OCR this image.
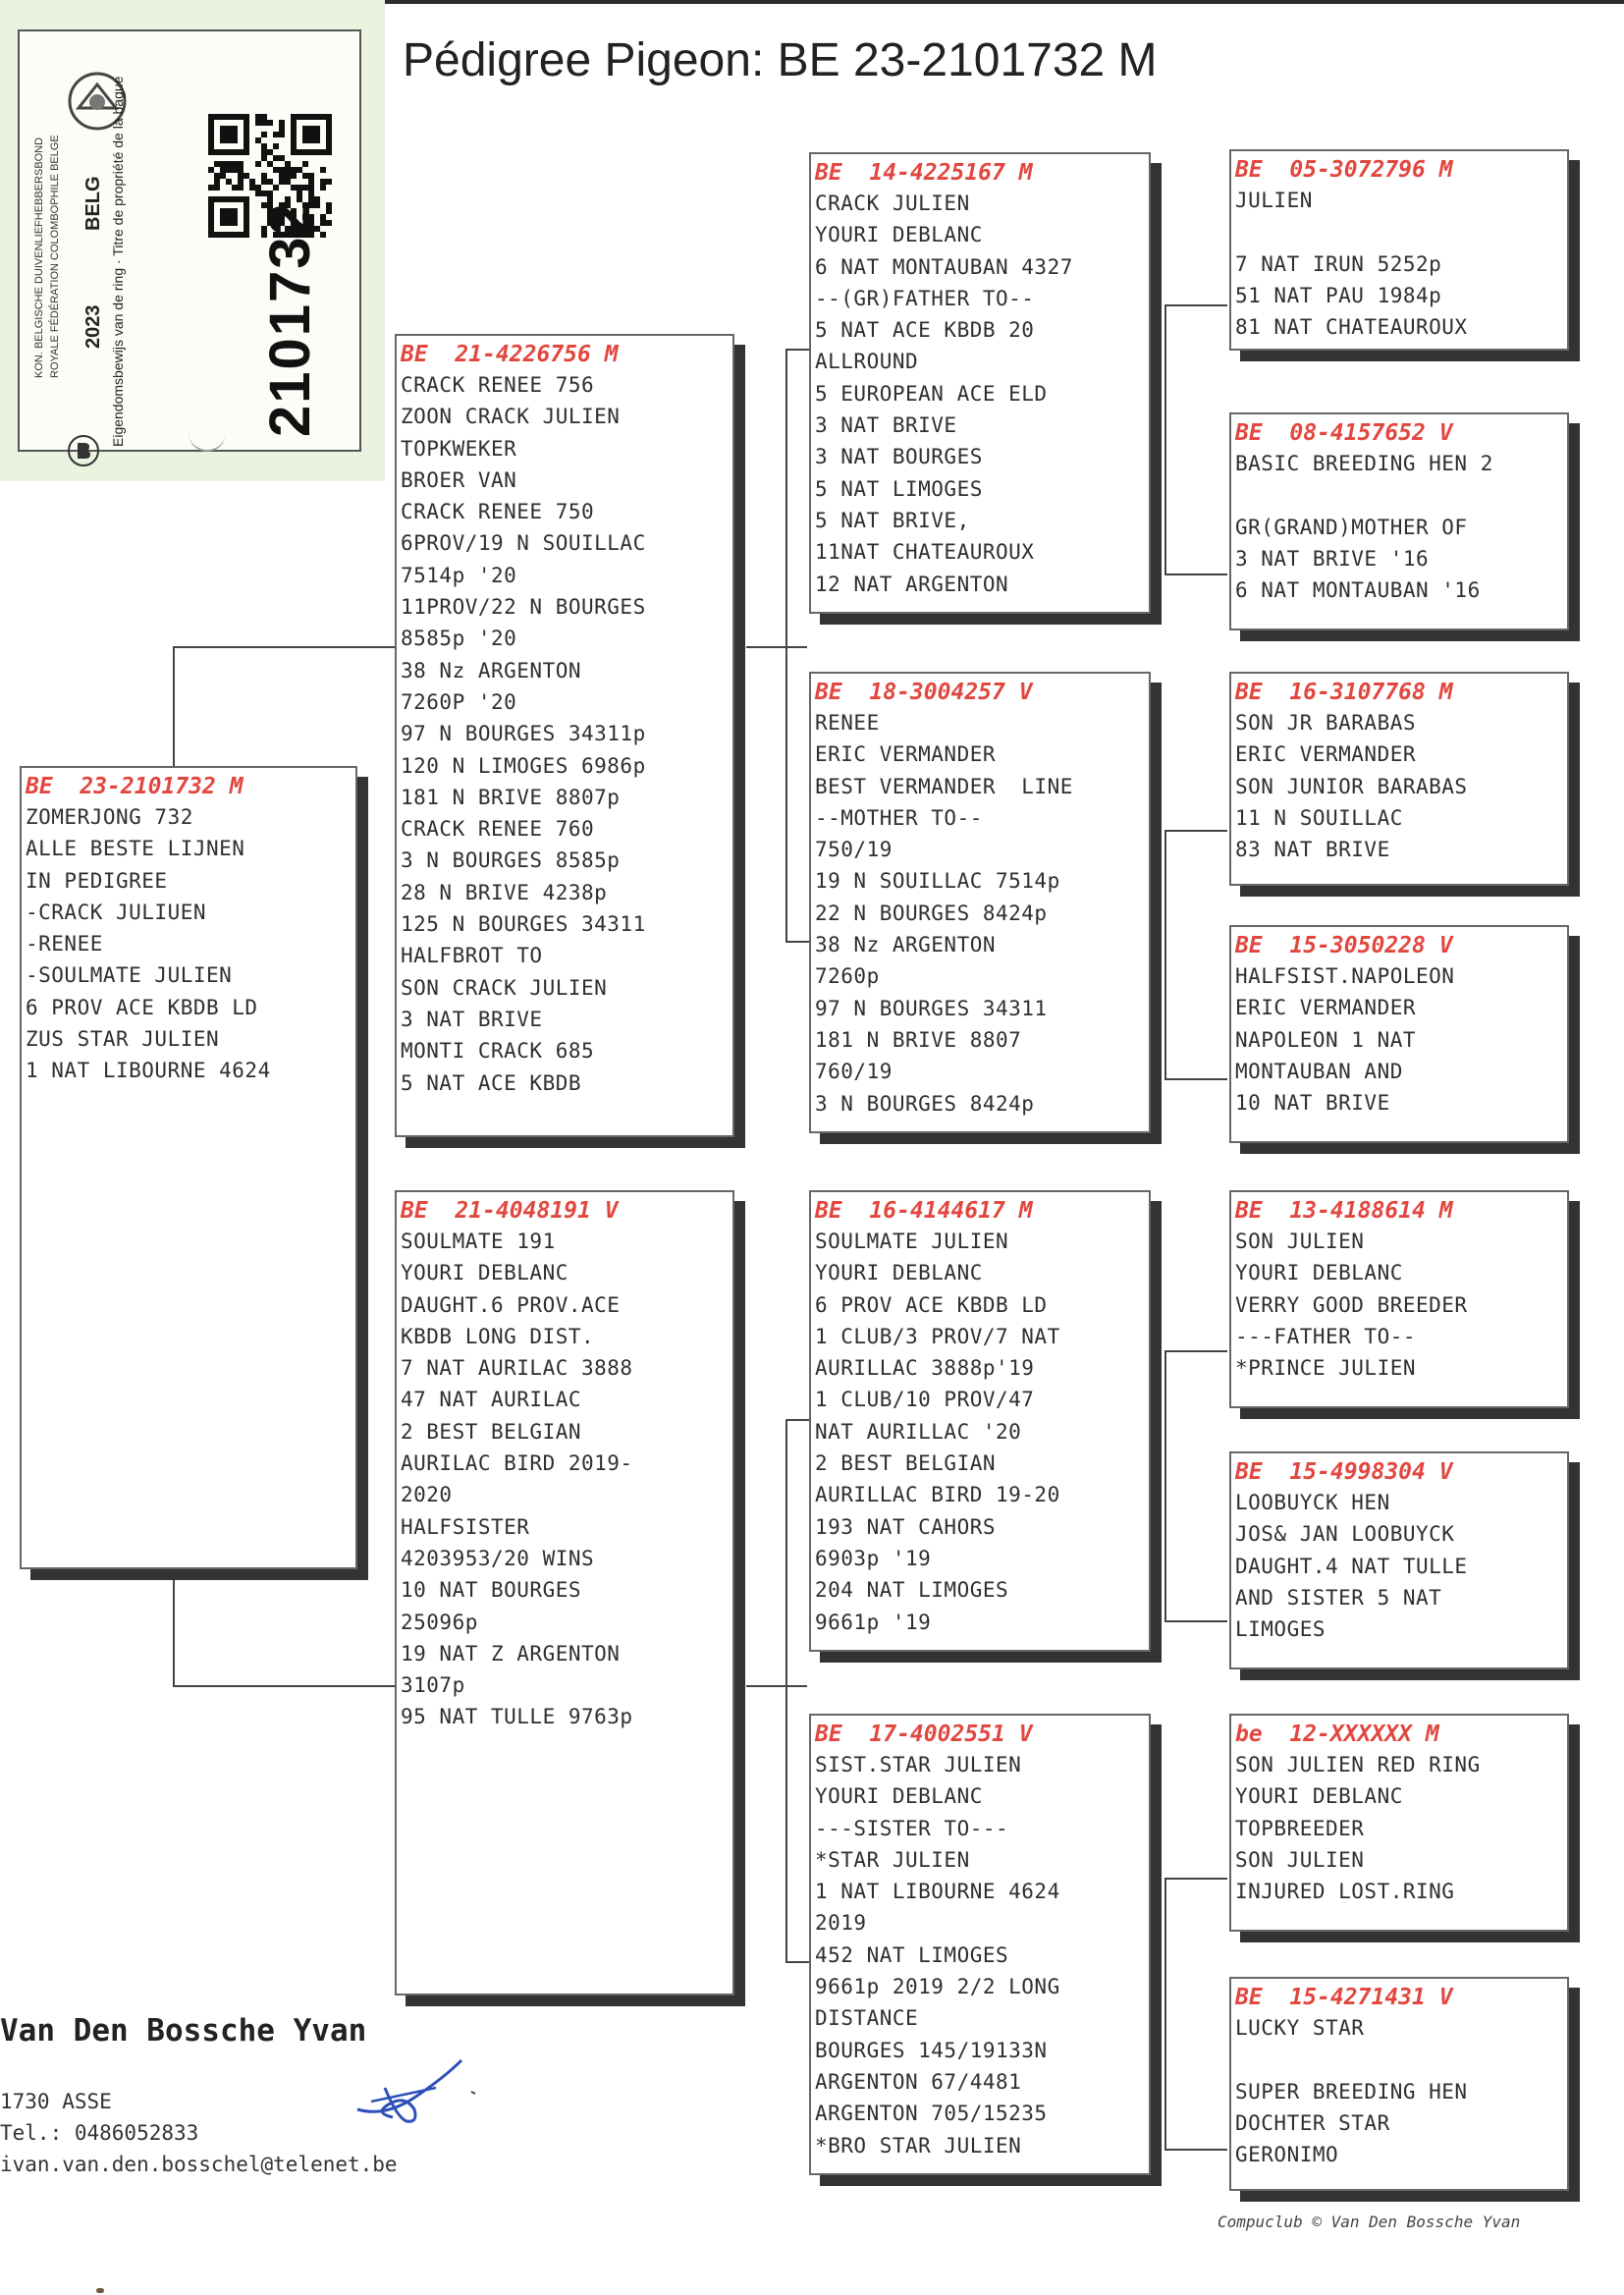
2101732
BELG
2023
KON. BELGISCHE DUIVENLIEFHEBBERSBOND ROYALE FÉDÉRATION COLOMBOPHILE BELGE	Eigendomsbewijs van de ring · Titre de propriété de la bague
Pédigree Pigeon: BE 23-2101732 M
BE  23-2101732 M
ZOMERJONG 732
ALLE BESTE LIJNEN
IN PEDIGREE
-CRACK JULIUEN
-RENEE
-SOULMATE JULIEN
6 PROV ACE KBDB LD
ZUS STAR JULIEN
1 NAT LIBOURNE 4624
BE  21-4226756 M
CRACK RENEE 756
ZOON CRACK JULIEN
TOPKWEKER
BROER VAN
CRACK RENEE 750
6PROV/19 N SOUILLAC
7514p '20
11PROV/22 N BOURGES
8585p '20
38 Nz ARGENTON
7260P '20
97 N BOURGES 34311p
120 N LIMOGES 6986p
181 N BRIVE 8807p
CRACK RENEE 760
3 N BOURGES 8585p
28 N BRIVE 4238p
125 N BOURGES 34311
HALFBROT TO
SON CRACK JULIEN
3 NAT BRIVE
MONTI CRACK 685
5 NAT ACE KBDB
BE  21-4048191 V
SOULMATE 191
YOURI DEBLANC
DAUGHT.6 PROV.ACE
KBDB LONG DIST.
7 NAT AURILAC 3888
47 NAT AURILAC
2 BEST BELGIAN
AURILAC BIRD 2019-
2020
HALFSISTER
4203953/20 WINS
10 NAT BOURGES
25096p
19 NAT Z ARGENTON
3107p
95 NAT TULLE 9763p
BE  14-4225167 M
CRACK JULIEN
YOURI DEBLANC
6 NAT MONTAUBAN 4327
--(GR)FATHER TO--
5 NAT ACE KBDB 20
ALLROUND
5 EUROPEAN ACE ELD
3 NAT BRIVE
3 NAT BOURGES
5 NAT LIMOGES
5 NAT BRIVE,
11NAT CHATEAUROUX
12 NAT ARGENTON
BE  18-3004257 V
RENEE
ERIC VERMANDER
BEST VERMANDER  LINE
--MOTHER TO--
750/19
19 N SOUILLAC 7514p
22 N BOURGES 8424p
38 Nz ARGENTON
7260p
97 N BOURGES 34311
181 N BRIVE 8807
760/19
3 N BOURGES 8424p
BE  16-4144617 M
SOULMATE JULIEN
YOURI DEBLANC
6 PROV ACE KBDB LD
1 CLUB/3 PROV/7 NAT
AURILLAC 3888p'19
1 CLUB/10 PROV/47
NAT AURILLAC '20
2 BEST BELGIAN
AURILLAC BIRD 19-20
193 NAT CAHORS
6903p '19
204 NAT LIMOGES
9661p '19
BE  17-4002551 V
SIST.STAR JULIEN
YOURI DEBLANC
---SISTER TO---
*STAR JULIEN
1 NAT LIBOURNE 4624
2019
452 NAT LIMOGES
9661p 2019 2/2 LONG
DISTANCE
BOURGES 145/19133N
ARGENTON 67/4481
ARGENTON 705/15235
*BRO STAR JULIEN
BE  05-3072796 M
JULIEN
7 NAT IRUN 5252p
51 NAT PAU 1984p
81 NAT CHATEAUROUX
BE  08-4157652 V
BASIC BREEDING HEN 2
GR(GRAND)MOTHER OF
3 NAT BRIVE '16
6 NAT MONTAUBAN '16
BE  16-3107768 M
SON JR BARABAS
ERIC VERMANDER
SON JUNIOR BARABAS
11 N SOUILLAC
83 NAT BRIVE
BE  15-3050228 V
HALFSIST.NAPOLEON
ERIC VERMANDER
NAPOLEON 1 NAT
MONTAUBAN AND
10 NAT BRIVE
BE  13-4188614 M
SON JULIEN
YOURI DEBLANC
VERRY GOOD BREEDER
---FATHER TO--
*PRINCE JULIEN
BE  15-4998304 V
LOOBUYCK HEN
JOS& JAN LOOBUYCK
DAUGHT.4 NAT TULLE
AND SISTER 5 NAT
LIMOGES
be  12-XXXXXX M
SON JULIEN RED RING
YOURI DEBLANC
TOPBREEDER
SON JULIEN
INJURED LOST.RING
BE  15-4271431 V
LUCKY STAR
SUPER BREEDING HEN
DOCHTER STAR
GERONIMO
Van Den Bossche Yvan
1730 ASSE
Tel.: 0486052833
ivan.van.den.bosschel@telenet.be
Compuclub © Van Den Bossche Yvan
